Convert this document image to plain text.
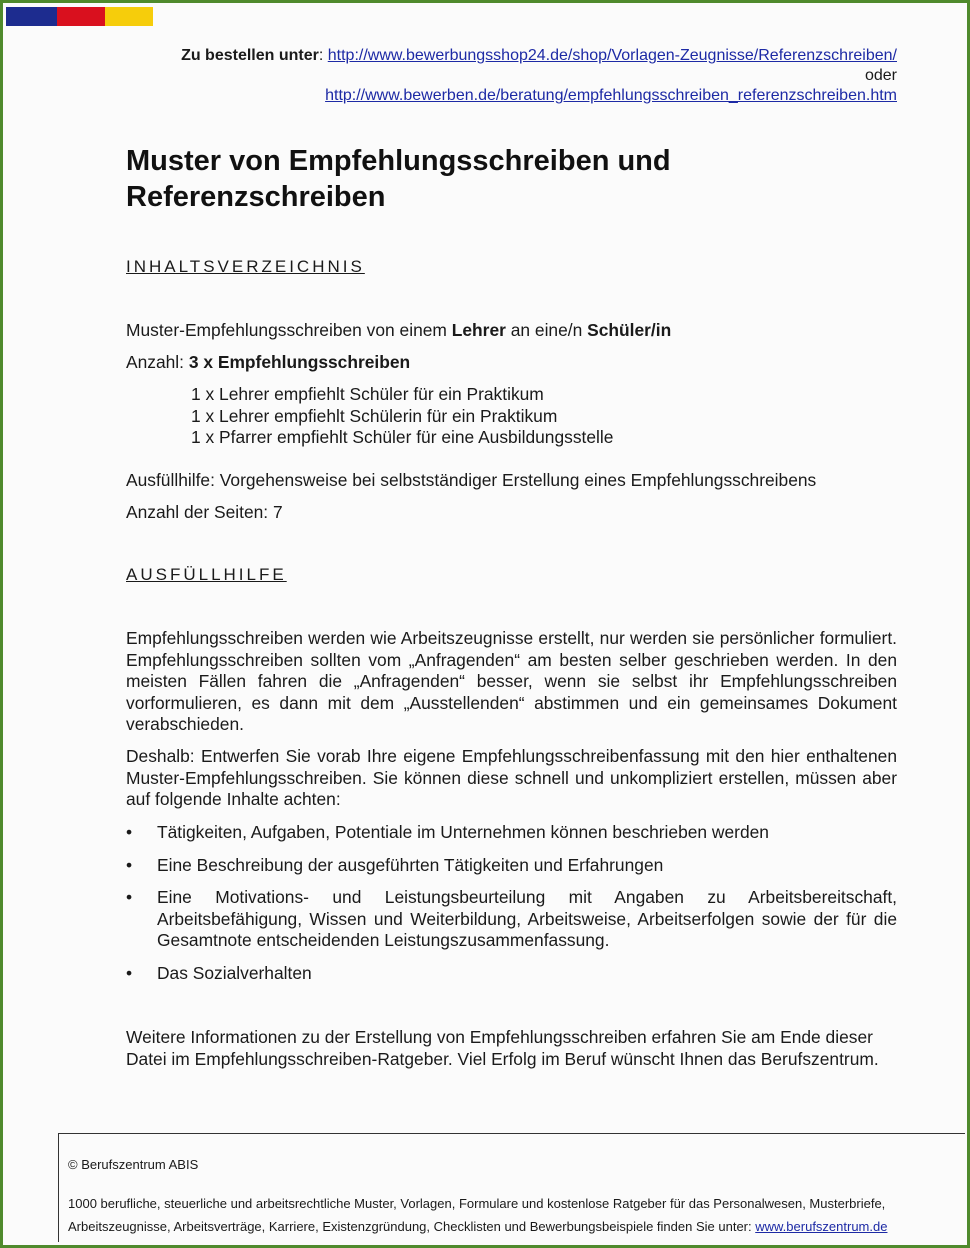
Zu bestellen unter: http://www.bewerbungsshop24.de/shop/Vorlagen-Zeugnisse/Referenzschreiben/
oder
http://www.bewerben.de/beratung/empfehlungsschreiben_referenzschreiben.htm
Muster von Empfehlungsschreiben und
Referenzschreiben
INHALTSVERZEICHNIS

Muster-Empfehlungsschreiben von einem Lehrer an eine/n Schüler/in

Anzahl: 3 x Empfehlungsschreiben

1 x Lehrer empfiehlt Schüler für ein Praktikum

1 x Lehrer empfiehlt Schülerin für ein Praktikum

1 x Pfarrer empfiehlt Schüler für eine Ausbildungsstelle

Ausfüllhilfe: Vorgehensweise bei selbstständiger Erstellung eines Empfehlungsschreibens

Anzahl der Seiten: 7

AUSFÜLLHILFE

Empfehlungsschreiben werden wie Arbeitszeugnisse erstellt, nur werden sie persönlicher formuliert. Empfehlungsschreiben sollten vom „Anfragenden“ am besten selber geschrieben werden. In den meisten Fällen fahren die „Anfragenden“ besser, wenn sie selbst ihr Empfehlungsschreiben vorformulieren, es dann mit dem „Ausstellenden“ abstimmen und ein gemeinsames Dokument verabschieden.

Deshalb: Entwerfen Sie vorab Ihre eigene Empfehlungsschreibenfassung mit den hier enthaltenen Muster-Empfehlungsschreiben. Sie können diese schnell und unkompliziert erstellen, müssen aber auf folgende Inhalte achten:

• Tätigkeiten, Aufgaben, Potentiale im Unternehmen können beschrieben werden
• Eine Beschreibung der ausgeführten Tätigkeiten und Erfahrungen
• Eine Motivations- und Leistungsbeurteilung mit Angaben zu Arbeitsbereitschaft, Arbeitsbefähigung, Wissen und Weiterbildung, Arbeitsweise, Arbeitserfolgen sowie der für die Gesamtnote entscheidenden Leistungszusammenfassung.
• Das Sozialverhalten

Weitere Informationen zu der Erstellung von Empfehlungsschreiben erfahren Sie am Ende dieser Datei im Empfehlungsschreiben-Ratgeber. Viel Erfolg im Beruf wünscht Ihnen das Berufszentrum.

© Berufszentrum ABIS
1000 berufliche, steuerliche und arbeitsrechtliche Muster, Vorlagen, Formulare und kostenlose Ratgeber für das Personalwesen, Musterbriefe,
Arbeitszeugnisse, Arbeitsverträge, Karriere, Existenzgründung, Checklisten und Bewerbungsbeispiele finden Sie unter: www.berufszentrum.de
